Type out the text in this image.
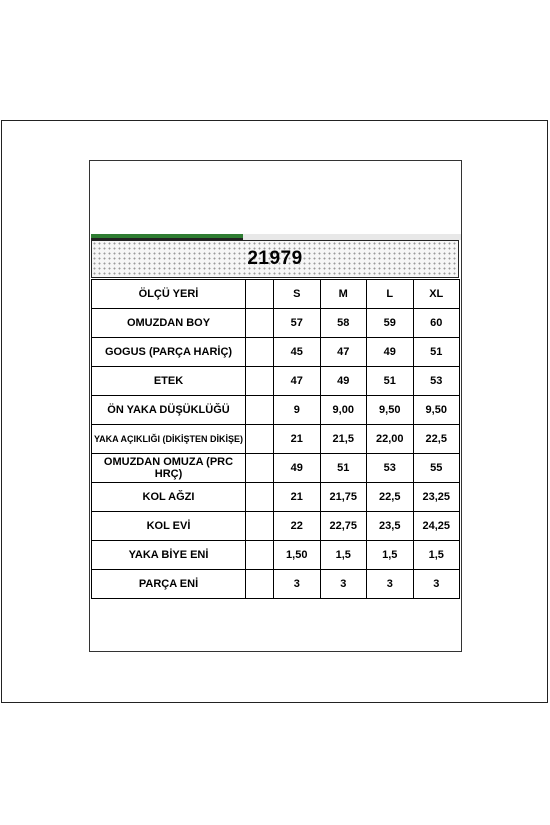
21979
ÖLÇÜ YERİ		S	M	L	XL
OMUZDAN BOY		57	58	59	60
GOGUS (PARÇA HARİÇ)		45	47	49	51
ETEK		47	49	51	53
ÖN YAKA DÜŞÜKLÜĞÜ		9	9,00	9,50	9,50
YAKA AÇIKLIĞI (DİKİŞTEN DİKİŞE)		21	21,5	22,00	22,5
OMUZDAN OMUZA (PRC HRÇ)		49	51	53	55
KOL AĞZI		21	21,75	22,5	23,25
KOL EVİ		22	22,75	23,5	24,25
YAKA BİYE ENİ		1,50	1,5	1,5	1,5
PARÇA ENİ		3	3	3	3
